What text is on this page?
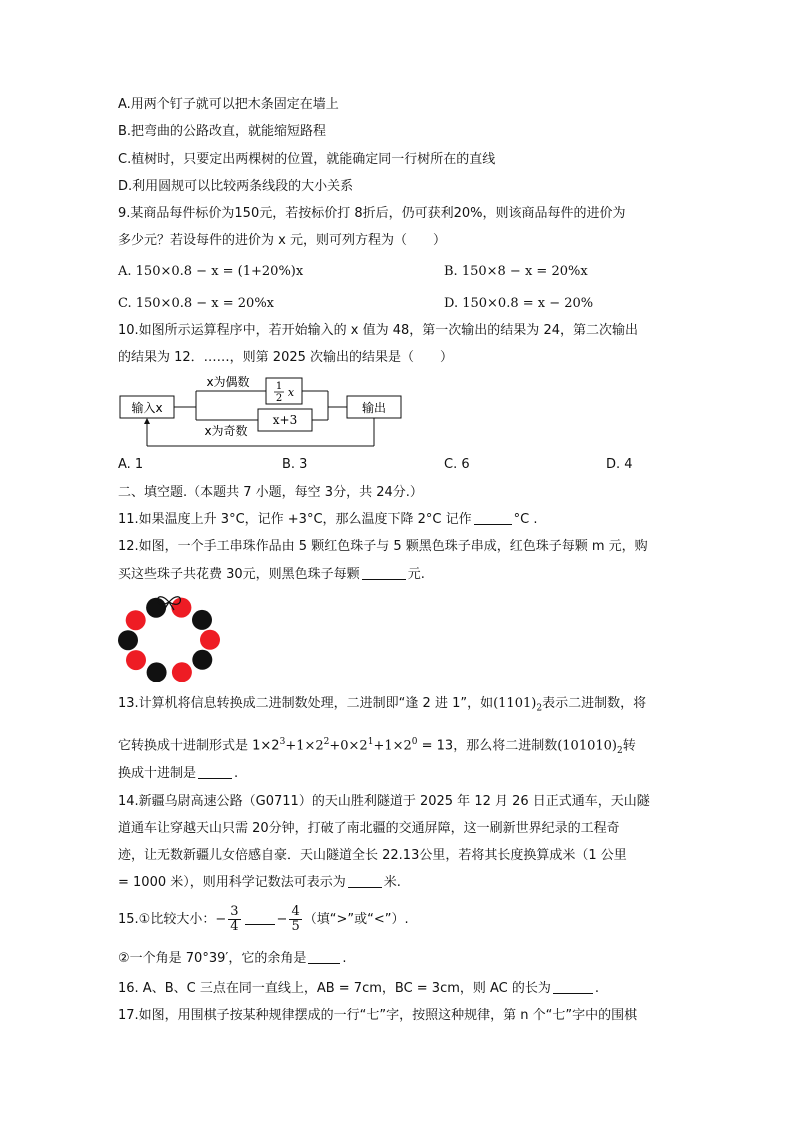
A.用两个钉子就可以把木条固定在墙上
B.把弯曲的公路改直，就能缩短路程
C.植树时，只要定出两棵树的位置，就能确定同一行树所在的直线
D.利用圆规可以比较两条线段的大小关系
9.某商品每件标价为150元，若按标价打 8折后，仍可获利20%，则该商品每件的进价为
多少元？若设每件的进价为 x 元，则可列方程为（　　）
A. 150×0.8 − x = (1+20%)x	B. 150×8 − x = 20%x
C. 150×0.8 − x = 20%x	D. 150×0.8 = x − 20%
10.如图所示运算程序中，若开始输入的 x 值为 48，第一次输出的结果为 24，第二次输出
的结果为 12．……，则第 2025 次输出的结果是（　　）
输入x	输出
x为偶数
x为奇数
1
2 x
x+3
A. 1	B. 3	C. 6	D. 4
二、填空题.（本题共 7 小题，每空 3分，共 24分.）
11.如果温度上升 3°C，记作 +3°C，那么温度下降 2°C 记作	°C .
12.如图，一个手工串珠作品由 5 颗红色珠子与 5 颗黑色珠子串成，红色珠子每颗 m 元，购
买这些珠子共花费 30元，则黑色珠子每颗	元.
13.计算机将信息转换成二进制数处理，二进制即“逢 2 进 1”，如$(1101)_2$表示二进制数，将
它转换成十进制形式是 $1\times 2^3+1\times 2^2+0\times 2^1+1\times 2^0 = 13$，那么将二进制数$(101010)_2$转
换成十进制是	.
14.新疆乌尉高速公路（G0711）的天山胜利隧道于 2025 年 12 月 26 日正式通车，天山隧
道通车让穿越天山只需 20分钟，打破了南北疆的交通屏障，这一刷新世界纪录的工程奇
迹，让无数新疆儿女倍感自豪．天山隧道全长 22.13公里，若将其长度换算成米（1 公里
= 1000 米），则用科学记数法可表示为	米.
15.①比较大小：− $\frac{3}{4}$	− $\frac{4}{5}$ （填“>”或“<”）.
②一个角是 70°39′，它的余角是	.
16. A、B、C 三点在同一直线上，AB = 7cm，BC = 3cm，则 AC 的长为	.
17.如图，用围棋子按某种规律摆成的一行“七”字，按照这种规律，第 n 个“七”字中的围棋
